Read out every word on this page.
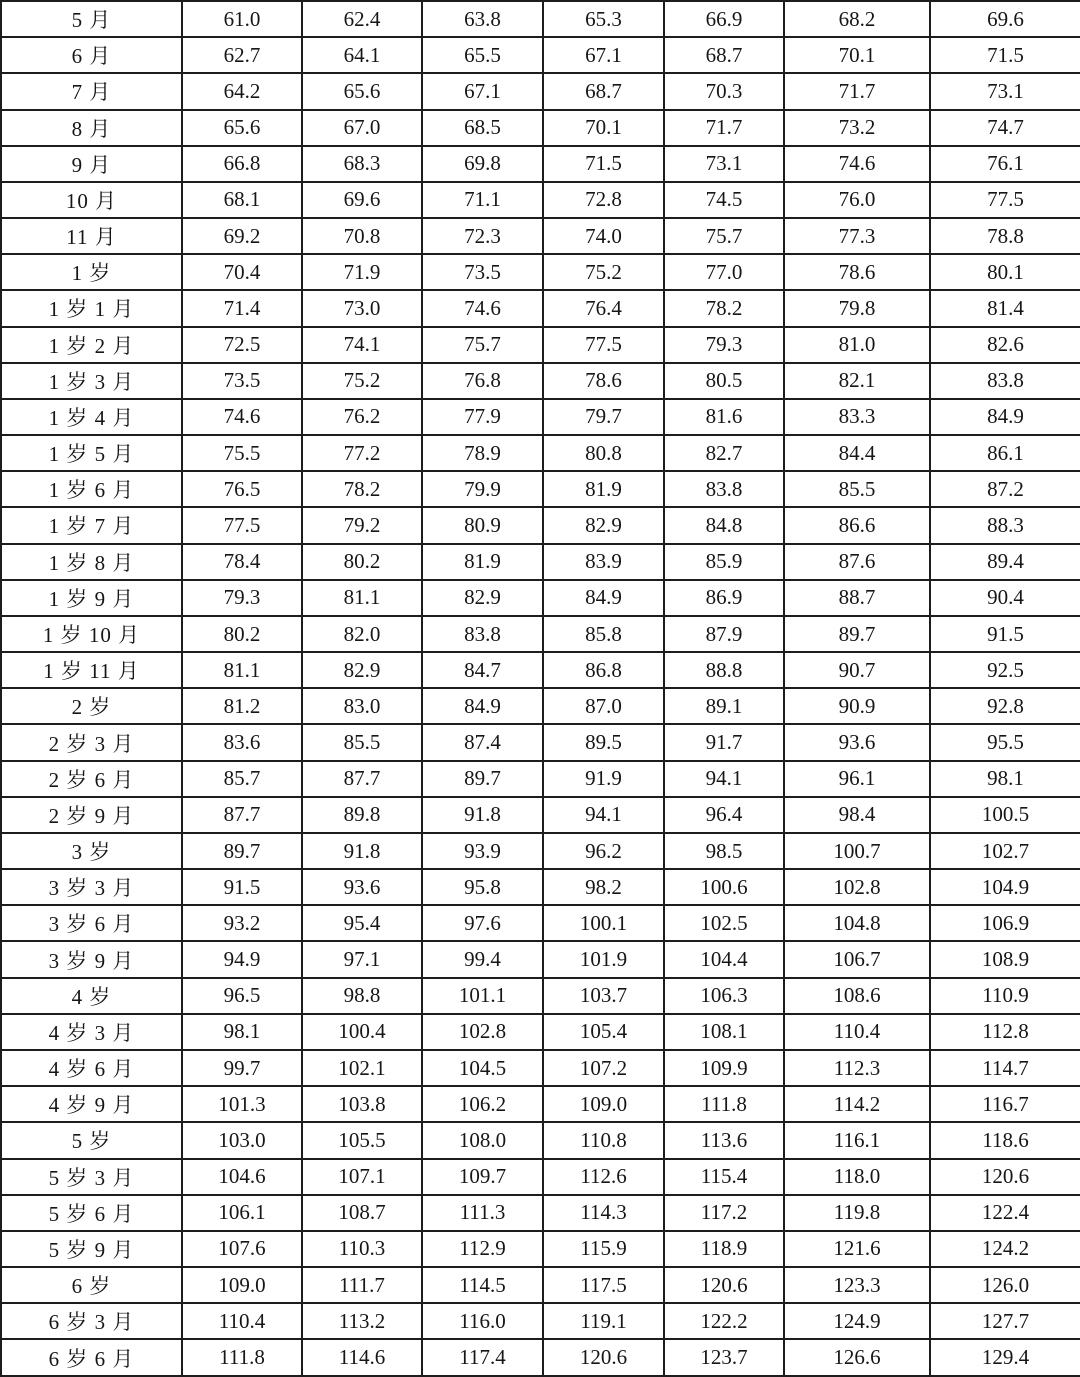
5 月	61.0	62.4	63.8	65.3	66.9	68.2	69.6
6 月	62.7	64.1	65.5	67.1	68.7	70.1	71.5
7 月	64.2	65.6	67.1	68.7	70.3	71.7	73.1
8 月	65.6	67.0	68.5	70.1	71.7	73.2	74.7
9 月	66.8	68.3	69.8	71.5	73.1	74.6	76.1
10 月	68.1	69.6	71.1	72.8	74.5	76.0	77.5
11 月	69.2	70.8	72.3	74.0	75.7	77.3	78.8
1 岁	70.4	71.9	73.5	75.2	77.0	78.6	80.1
1 岁 1 月	71.4	73.0	74.6	76.4	78.2	79.8	81.4
1 岁 2 月	72.5	74.1	75.7	77.5	79.3	81.0	82.6
1 岁 3 月	73.5	75.2	76.8	78.6	80.5	82.1	83.8
1 岁 4 月	74.6	76.2	77.9	79.7	81.6	83.3	84.9
1 岁 5 月	75.5	77.2	78.9	80.8	82.7	84.4	86.1
1 岁 6 月	76.5	78.2	79.9	81.9	83.8	85.5	87.2
1 岁 7 月	77.5	79.2	80.9	82.9	84.8	86.6	88.3
1 岁 8 月	78.4	80.2	81.9	83.9	85.9	87.6	89.4
1 岁 9 月	79.3	81.1	82.9	84.9	86.9	88.7	90.4
1 岁 10 月	80.2	82.0	83.8	85.8	87.9	89.7	91.5
1 岁 11 月	81.1	82.9	84.7	86.8	88.8	90.7	92.5
2 岁	81.2	83.0	84.9	87.0	89.1	90.9	92.8
2 岁 3 月	83.6	85.5	87.4	89.5	91.7	93.6	95.5
2 岁 6 月	85.7	87.7	89.7	91.9	94.1	96.1	98.1
2 岁 9 月	87.7	89.8	91.8	94.1	96.4	98.4	100.5
3 岁	89.7	91.8	93.9	96.2	98.5	100.7	102.7
3 岁 3 月	91.5	93.6	95.8	98.2	100.6	102.8	104.9
3 岁 6 月	93.2	95.4	97.6	100.1	102.5	104.8	106.9
3 岁 9 月	94.9	97.1	99.4	101.9	104.4	106.7	108.9
4 岁	96.5	98.8	101.1	103.7	106.3	108.6	110.9
4 岁 3 月	98.1	100.4	102.8	105.4	108.1	110.4	112.8
4 岁 6 月	99.7	102.1	104.5	107.2	109.9	112.3	114.7
4 岁 9 月	101.3	103.8	106.2	109.0	111.8	114.2	116.7
5 岁	103.0	105.5	108.0	110.8	113.6	116.1	118.6
5 岁 3 月	104.6	107.1	109.7	112.6	115.4	118.0	120.6
5 岁 6 月	106.1	108.7	111.3	114.3	117.2	119.8	122.4
5 岁 9 月	107.6	110.3	112.9	115.9	118.9	121.6	124.2
6 岁	109.0	111.7	114.5	117.5	120.6	123.3	126.0
6 岁 3 月	110.4	113.2	116.0	119.1	122.2	124.9	127.7
6 岁 6 月	111.8	114.6	117.4	120.6	123.7	126.6	129.4
